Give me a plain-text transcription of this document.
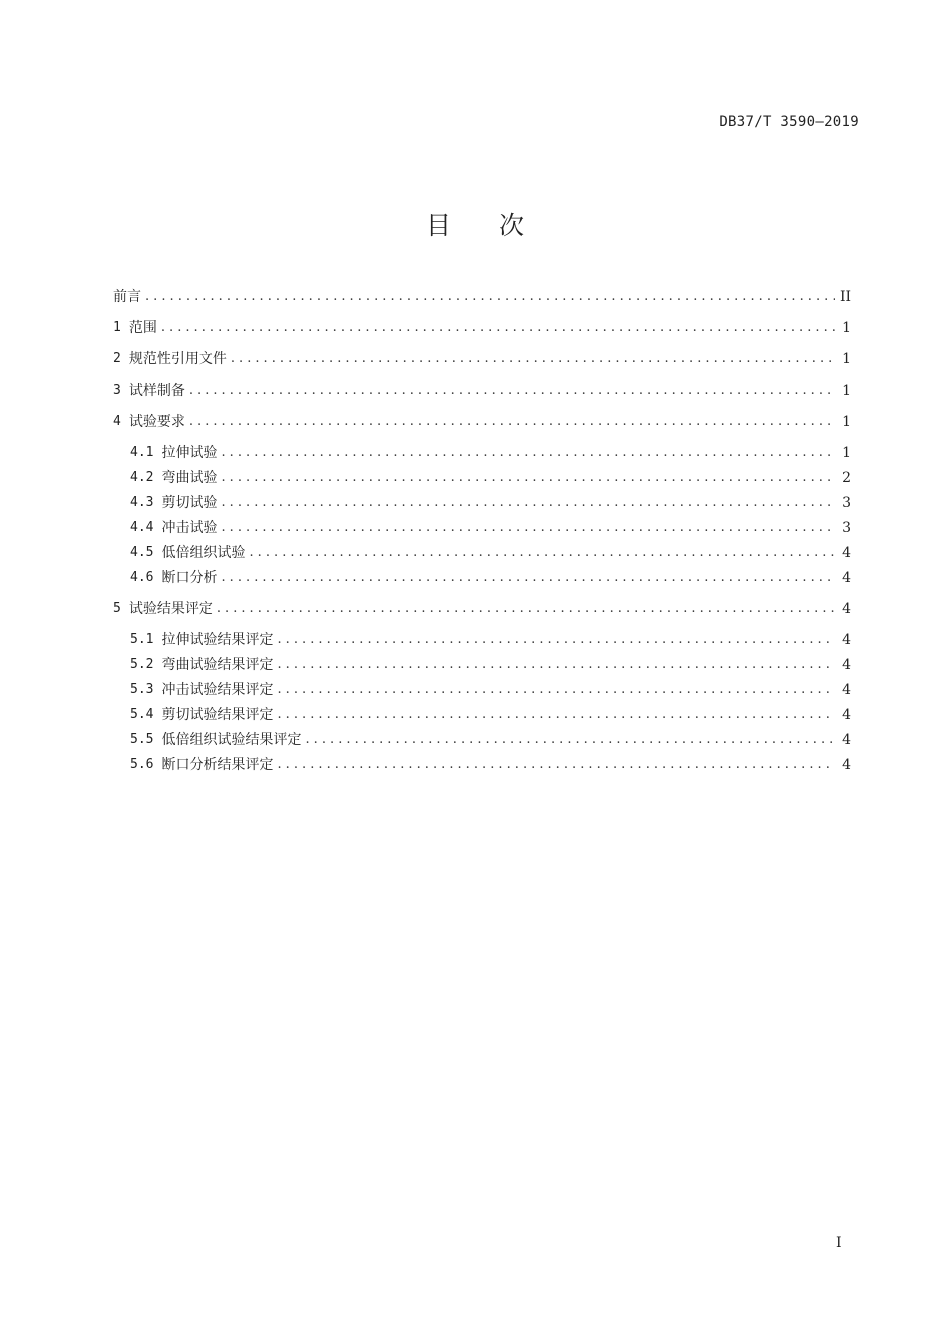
DB37/T 3590—2019
目次
前言 .....	II
1 范围 .....	1
2 规范性引用文件 .....	1
3 试样制备 .....	1
4 试验要求 .....	1
4.1 拉伸试验 .....	1
4.2 弯曲试验 .....	2
4.3 剪切试验 .....	3
4.4 冲击试验 .....	3
4.5 低倍组织试验 .....	4
4.6 断口分析 .....	4
5 试验结果评定 .....	4
5.1 拉伸试验结果评定 .....	4
5.2 弯曲试验结果评定 .....	4
5.3 冲击试验结果评定 .....	4
5.4 剪切试验结果评定 .....	4
5.5 低倍组织试验结果评定 .....	4
5.6 断口分析结果评定 .....	4
I
